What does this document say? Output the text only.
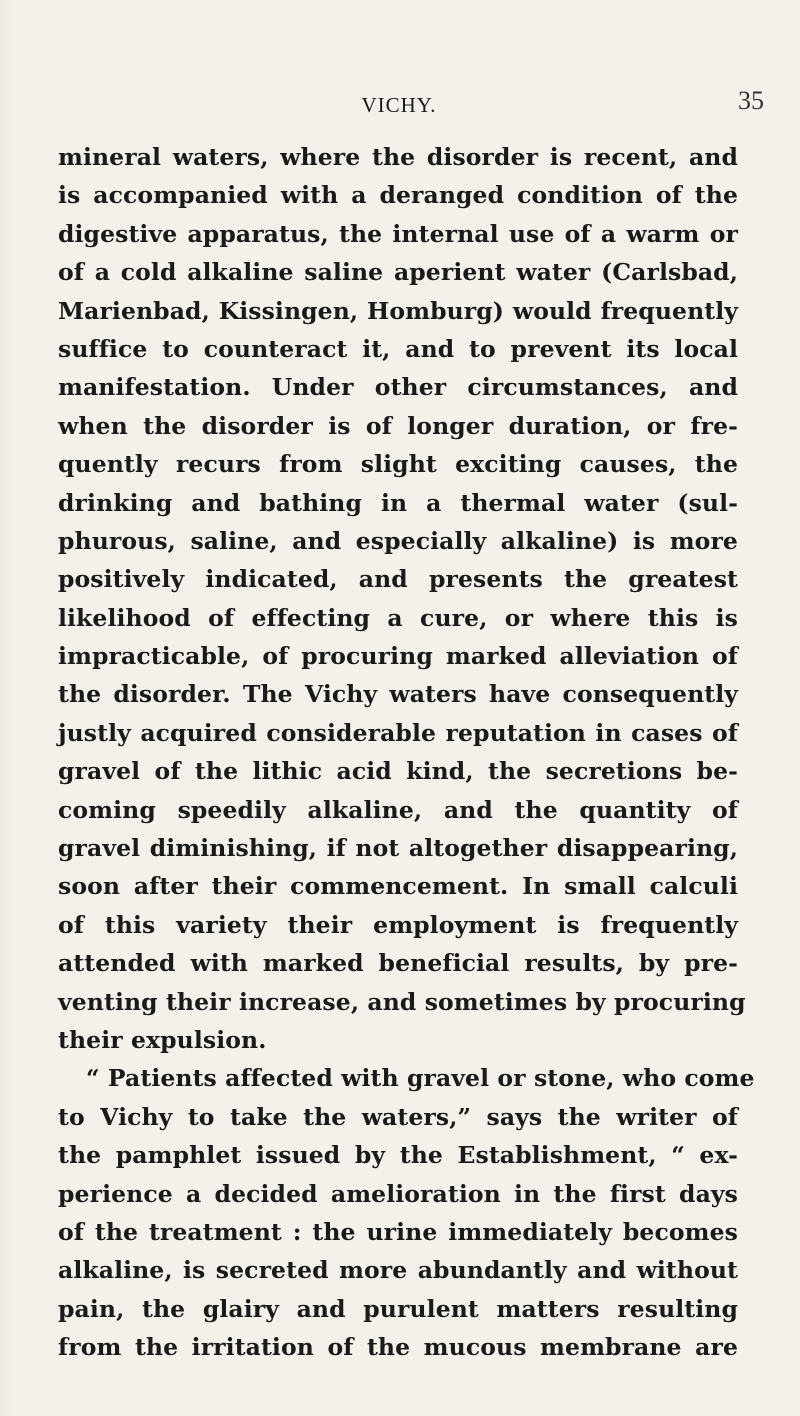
VICHY.	35
mineral waters, where the disorder is recent, and
is accompanied with a deranged condition of the
digestive apparatus, the internal use of a warm or
of a cold alkaline saline aperient water (Carlsbad,
Marienbad, Kissingen, Homburg) would frequently
suffice to counteract it, and to prevent its local
manifestation. Under other circumstances, and
when the disorder is of longer duration, or fre-
quently recurs from slight exciting causes, the
drinking and bathing in a thermal water (sul-
phurous, saline, and especially alkaline) is more
positively indicated, and presents the greatest
likelihood of effecting a cure, or where this is
impracticable, of procuring marked alleviation of
the disorder. The Vichy waters have consequently
justly acquired considerable reputation in cases of
gravel of the lithic acid kind, the secretions be-
coming speedily alkaline, and the quantity of
gravel diminishing, if not altogether disappearing,
soon after their commencement. In small calculi
of this variety their employment is frequently
attended with marked beneficial results, by pre-
venting their increase, and sometimes by procuring
their expulsion.
“ Patients affected with gravel or stone, who come
to Vichy to take the waters,” says the writer of
the pamphlet issued by the Establishment, “ ex-
perience a decided amelioration in the first days
of the treatment : the urine immediately becomes
alkaline, is secreted more abundantly and without
pain, the glairy and purulent matters resulting
from the irritation of the mucous membrane are
